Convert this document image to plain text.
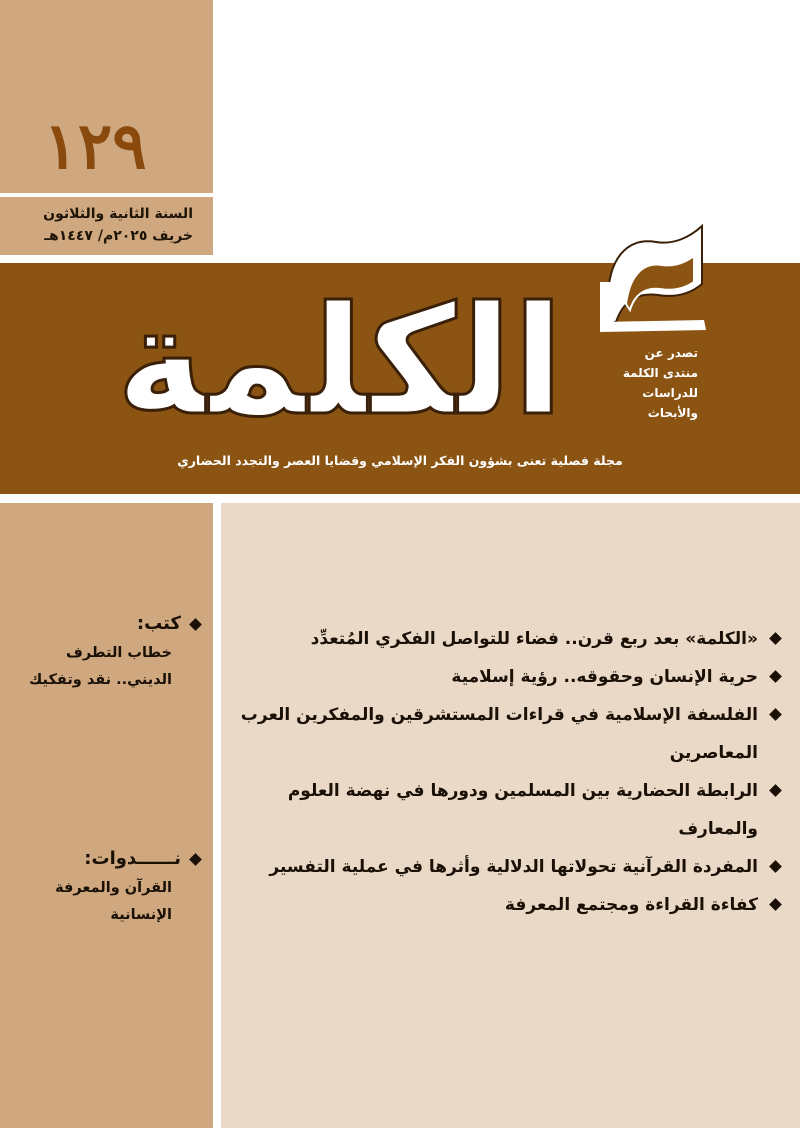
١٢٩
السنة الثانية والثلاثون
خريف ٢٠٢٥م/ ١٤٤٧هـ
الكلمة	تصدر عن
منتدى الكلمة
للدراسات
والأبحاث
مجلة فصلية تعنى بشؤون الفكر الإسلامي وقضايا العصر والتجدد الحضاري
كتب:
خطاب التطرف الديني.. نقد وتفكيك
نــــــدوات:
القرآن والمعرفة الإنسانية
«الكلمة» بعد ربع قرن.. فضاء للتواصل الفكري المُتعدِّد
حرية الإنسان وحقوقه.. رؤية إسلامية
الفلسفة الإسلامية في قراءات المستشرقين والمفكرين العرب المعاصرين
الرابطة الحضارية بين المسلمين ودورها في نهضة العلوم والمعارف
المفردة القرآنية تحولاتها الدلالية وأثرها في عملية التفسير
كفاءة القراءة ومجتمع المعرفة
